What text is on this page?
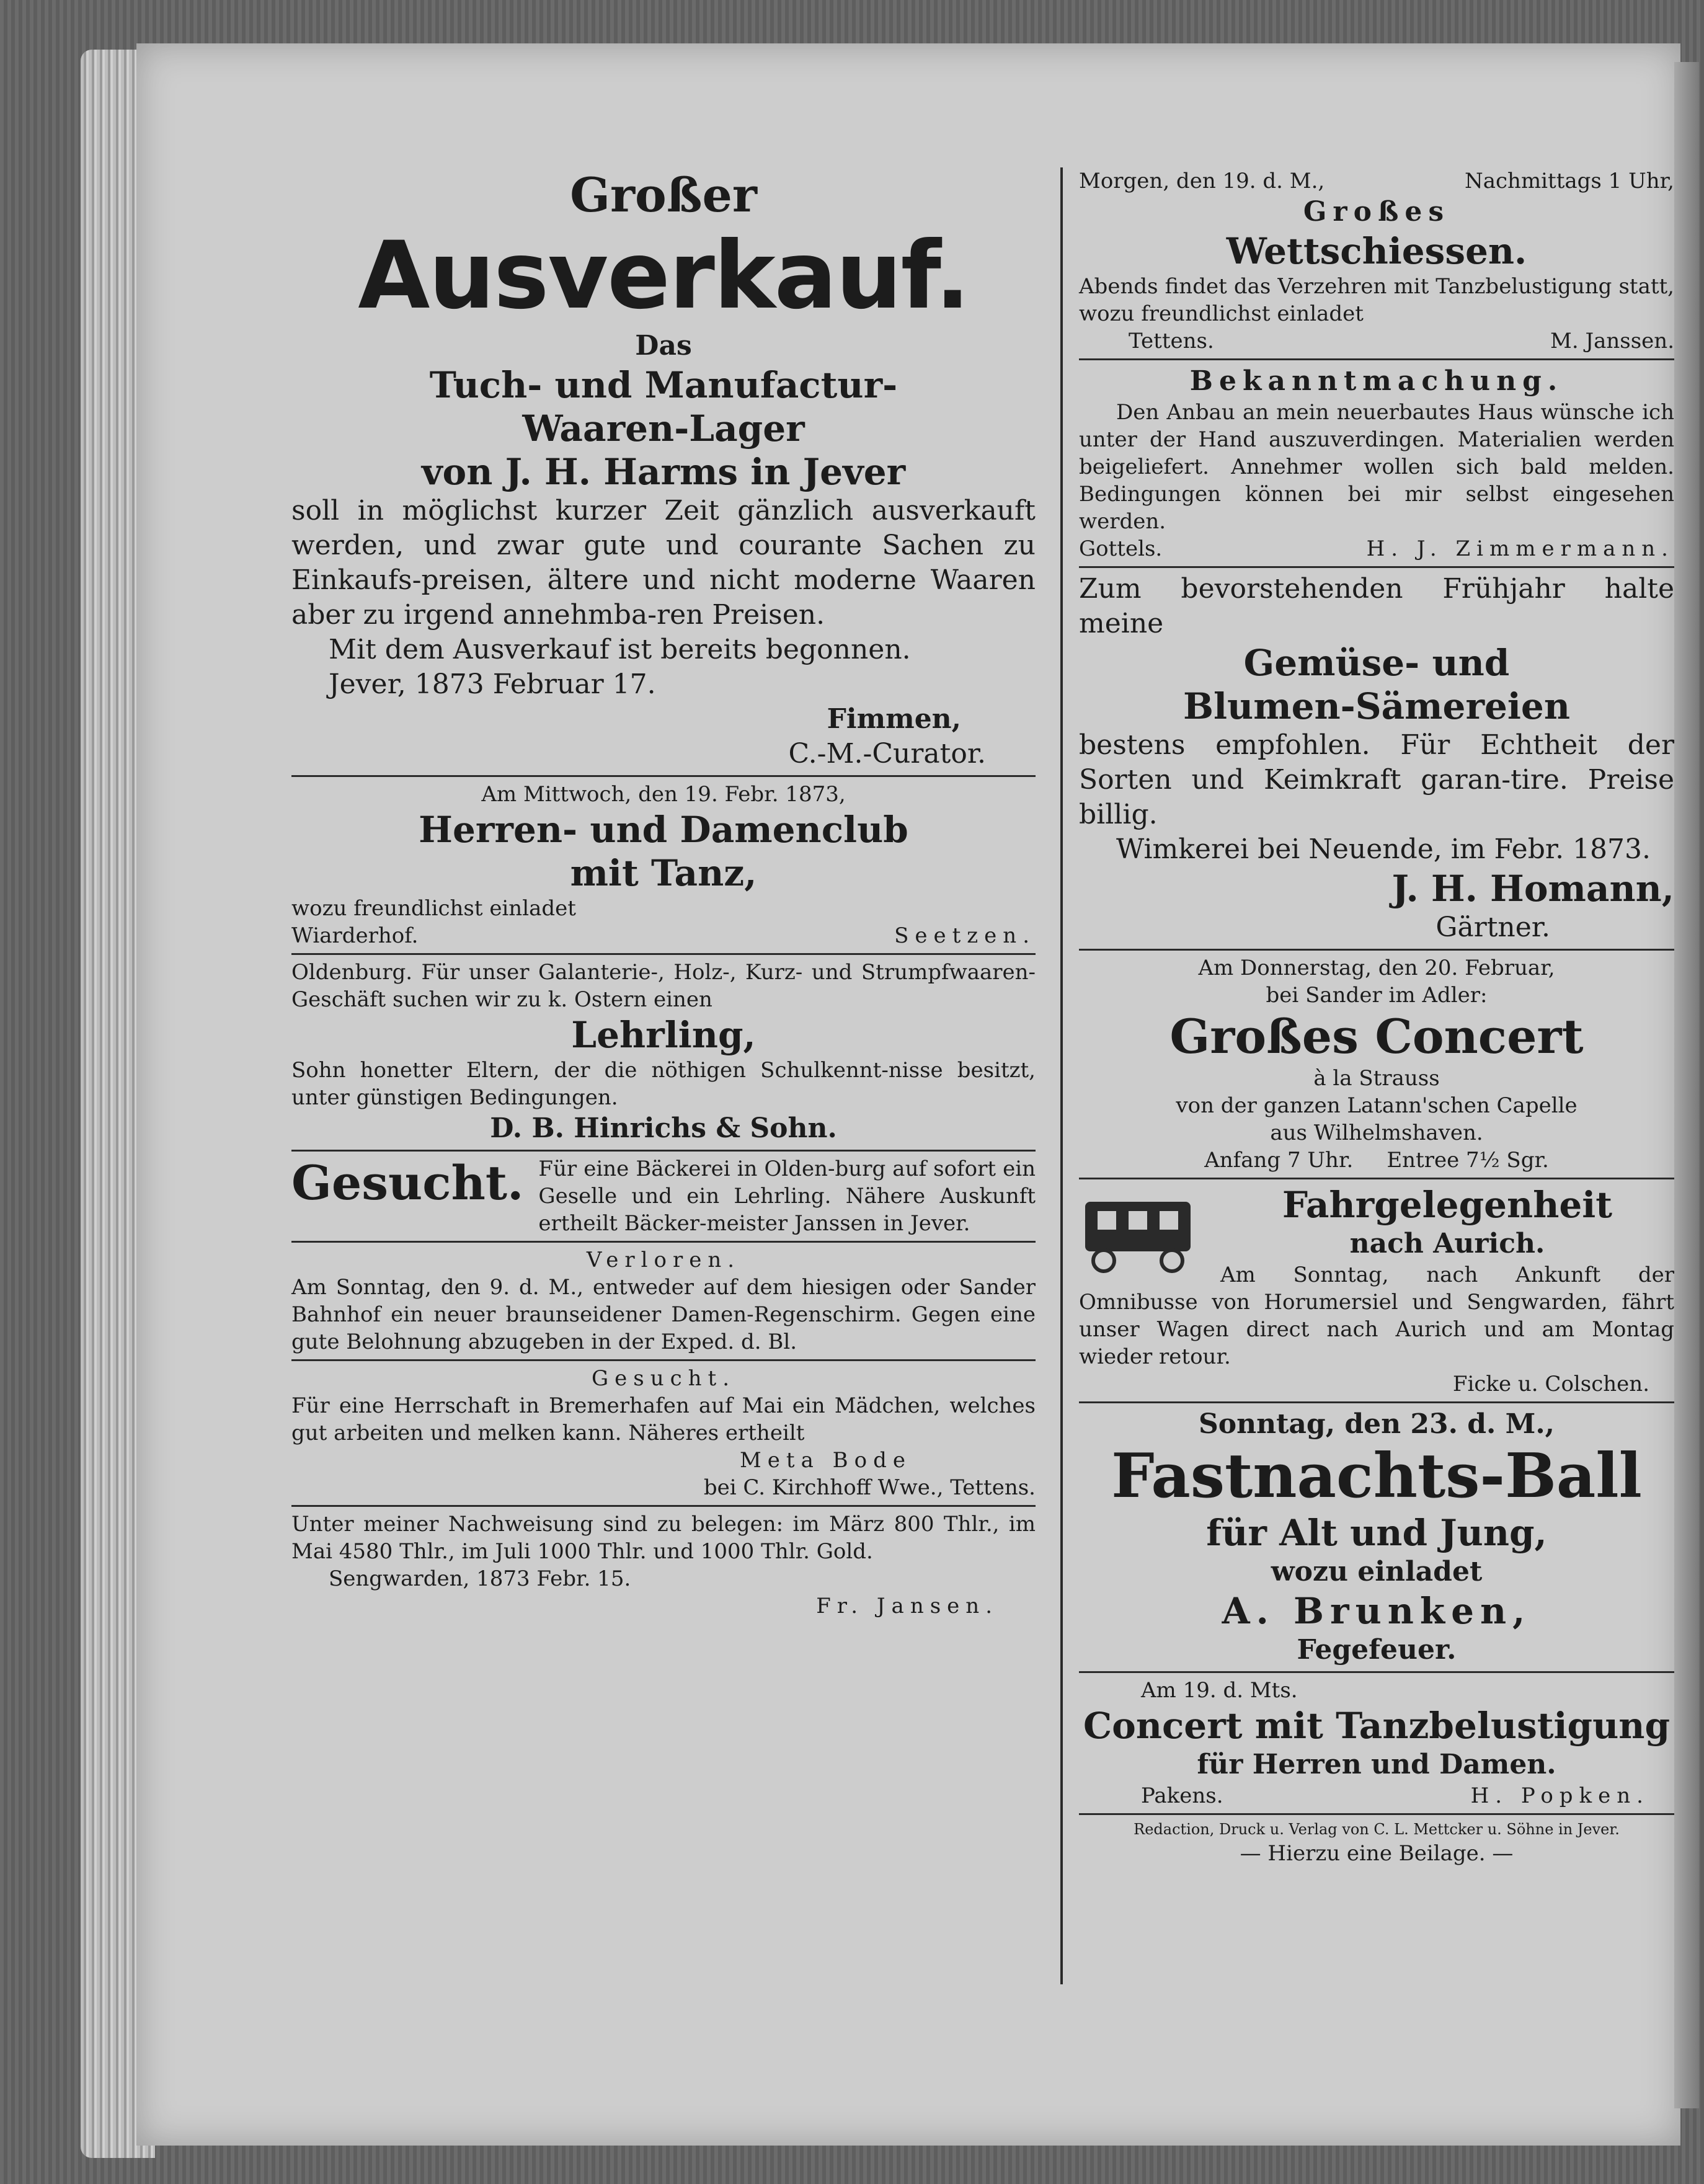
Großer
Ausverkauf.
Das
Tuch- und Manufactur-
Waaren-Lager
von J. H. Harms in Jever
soll in möglichst kurzer Zeit gänzlich ausverkauft werden, und zwar gute und courante Sachen zu Einkaufs-preisen, ältere und nicht moderne Waaren aber zu irgend annehmba-ren Preisen.
Mit dem Ausverkauf ist bereits begonnen.
Jever, 1873 Februar 17.
Fimmen,
C.-M.-Curator.
Am Mittwoch, den 19. Febr. 1873,
Herren- und Damenclub
mit Tanz,
wozu freundlichst einladet
Wiarderhof.	Seetzen.
Oldenburg. Für unser Galanterie-, Holz-, Kurz- und Strumpfwaaren-Geschäft suchen wir zu k. Ostern einen
Lehrling,
Sohn honetter Eltern, der die nöthigen Schulkennt-nisse besitzt, unter günstigen Bedingungen.
D. B. Hinrichs & Sohn.
Gesucht. Für eine Bäckerei in Olden-burg auf sofort ein Geselle und ein Lehrling. Nähere Auskunft ertheilt Bäcker-meister Janssen in Jever.
Verloren.
Am Sonntag, den 9. d. M., entweder auf dem hiesigen oder Sander Bahnhof ein neuer braunseidener Damen-Regenschirm. Gegen eine gute Belohnung abzugeben in der Exped. d. Bl.
Gesucht.
Für eine Herrschaft in Bremerhafen auf Mai ein Mädchen, welches gut arbeiten und melken kann. Näheres ertheilt
Meta Bode
bei C. Kirchhoff Wwe., Tettens.
Unter meiner Nachweisung sind zu belegen: im März 800 Thlr., im Mai 4580 Thlr., im Juli 1000 Thlr. und 1000 Thlr. Gold.
Sengwarden, 1873 Febr. 15.
Fr. Jansen.
Morgen, den 19. d. M.,	Nachmittags 1 Uhr,
Großes
Wettschiessen.
Abends findet das Verzehren mit Tanzbelustigung statt, wozu freundlichst einladet
Tettens.	M. Janssen.
Bekanntmachung.
Den Anbau an mein neuerbautes Haus wünsche ich unter der Hand auszuverdingen. Materialien werden beigeliefert. Annehmer wollen sich bald melden. Bedingungen können bei mir selbst eingesehen werden.
Gottels.	H. J. Zimmermann.
Zum bevorstehenden Frühjahr halte meine
Gemüse- und
Blumen-Sämereien
bestens empfohlen. Für Echtheit der Sorten und Keimkraft garan-tire. Preise billig.
Wimkerei bei Neuende, im Febr. 1873.
J. H. Homann,
Gärtner.
Am Donnerstag, den 20. Februar,
bei Sander im Adler:
Großes Concert
à la Strauss
von der ganzen Latann'schen Capelle
aus Wilhelmshaven.
Anfang 7 Uhr. Entree 7½ Sgr.
Fahrgelegenheit
nach Aurich.
Am Sonntag, nach Ankunft der Omnibusse von Horumersiel und Sengwarden, fährt unser Wagen direct nach Aurich und am Montag wieder retour.
Ficke u. Colschen.
Sonntag, den 23. d. M.,
Fastnachts-Ball
für Alt und Jung,
wozu einladet
A. Brunken,
Fegefeuer.
Am 19. d. Mts.
Concert mit Tanzbelustigung
für Herren und Damen.
Pakens.	H. Popken.
Redaction, Druck u. Verlag von C. L. Mettcker u. Söhne in Jever.
— Hierzu eine Beilage. —
